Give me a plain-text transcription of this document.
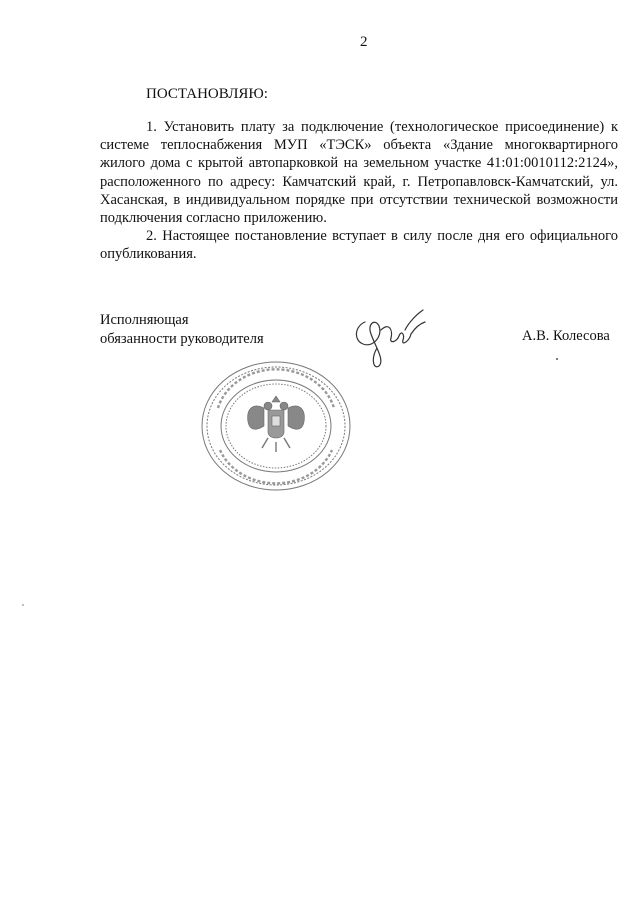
2
ПОСТАНОВЛЯЮ:

1. Установить плату за подключение (технологическое присоединение) к системе теплоснабжения МУП «ТЭСК» объекта «Здание многоквартирного жилого дома с крытой автопарковкой на земельном участке 41:01:0010112:2124», расположенного по адресу: Камчатский край, г. Петропавловск-Камчатский, ул. Хасанская, в индивидуальном порядке при отсутствии технической возможности подключения согласно приложению.

2. Настоящее постановление вступает в силу после дня его официального опубликования.

Исполняющая
обязанности руководителя	А.В. Колесова
